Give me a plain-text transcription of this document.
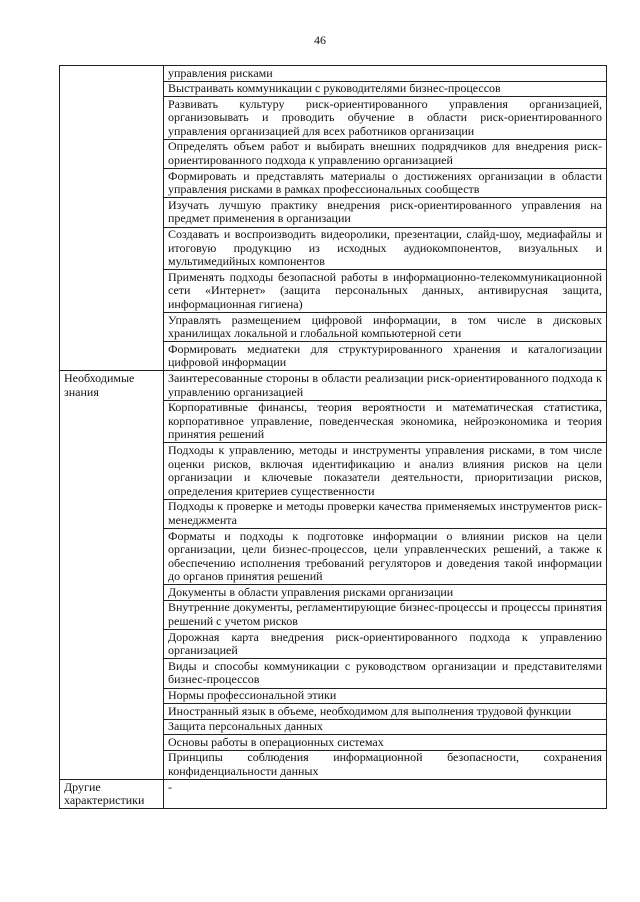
46
	управления рисками
	Выстраивать коммуникации с руководителями бизнес-процессов
	Развивать культуру риск-ориентированного управления организацией, организовывать и проводить обучение в области риск-ориентированного управления организацией для всех работников организации
	Определять объем работ и выбирать внешних подрядчиков для внедрения риск-ориентированного подхода к управлению организацией
	Формировать и представлять материалы о достижениях организации в области управления рисками в рамках профессиональных сообществ
	Изучать лучшую практику внедрения риск-ориентированного управления на предмет применения в организации
	Создавать и воспроизводить видеоролики, презентации, слайд-шоу, медиафайлы и итоговую продукцию из исходных аудиокомпонентов, визуальных и мультимедийных компонентов
	Применять подходы безопасной работы в информационно-телекоммуникационной сети «Интернет» (защита персональных данных, антивирусная защита, информационная гигиена)
	Управлять размещением цифровой информации, в том числе в дисковых хранилищах локальной и глобальной компьютерной сети
	Формировать медиатеки для структурированного хранения и каталогизации цифровой информации
Необходимые знания	Заинтересованные стороны в области реализации риск-ориентированного подхода к управлению организацией
	Корпоративные финансы, теория вероятности и математическая статистика, корпоративное управление, поведенческая экономика, нейроэкономика и теория принятия решений
	Подходы к управлению, методы и инструменты управления рисками, в том числе оценки рисков, включая идентификацию и анализ влияния рисков на цели организации и ключевые показатели деятельности, приоритизации рисков, определения критериев существенности
	Подходы к проверке и методы проверки качества применяемых инструментов риск-менеджмента
	Форматы и подходы к подготовке информации о влиянии рисков на цели организации, цели бизнес-процессов, цели управленческих решений, а также к обеспечению исполнения требований регуляторов и доведения такой информации до органов принятия решений
	Документы в области управления рисками организации
	Внутренние документы, регламентирующие бизнес-процессы и процессы принятия решений с учетом рисков
	Дорожная карта внедрения риск-ориентированного подхода к управлению организацией
	Виды и способы коммуникации с руководством организации и представителями бизнес-процессов
	Нормы профессиональной этики
	Иностранный язык в объеме, необходимом для выполнения трудовой функции
	Защита персональных данных
	Основы работы в операционных системах
	Принципы соблюдения информационной безопасности, сохранения конфиденциальности данных
Другие характеристики	-
